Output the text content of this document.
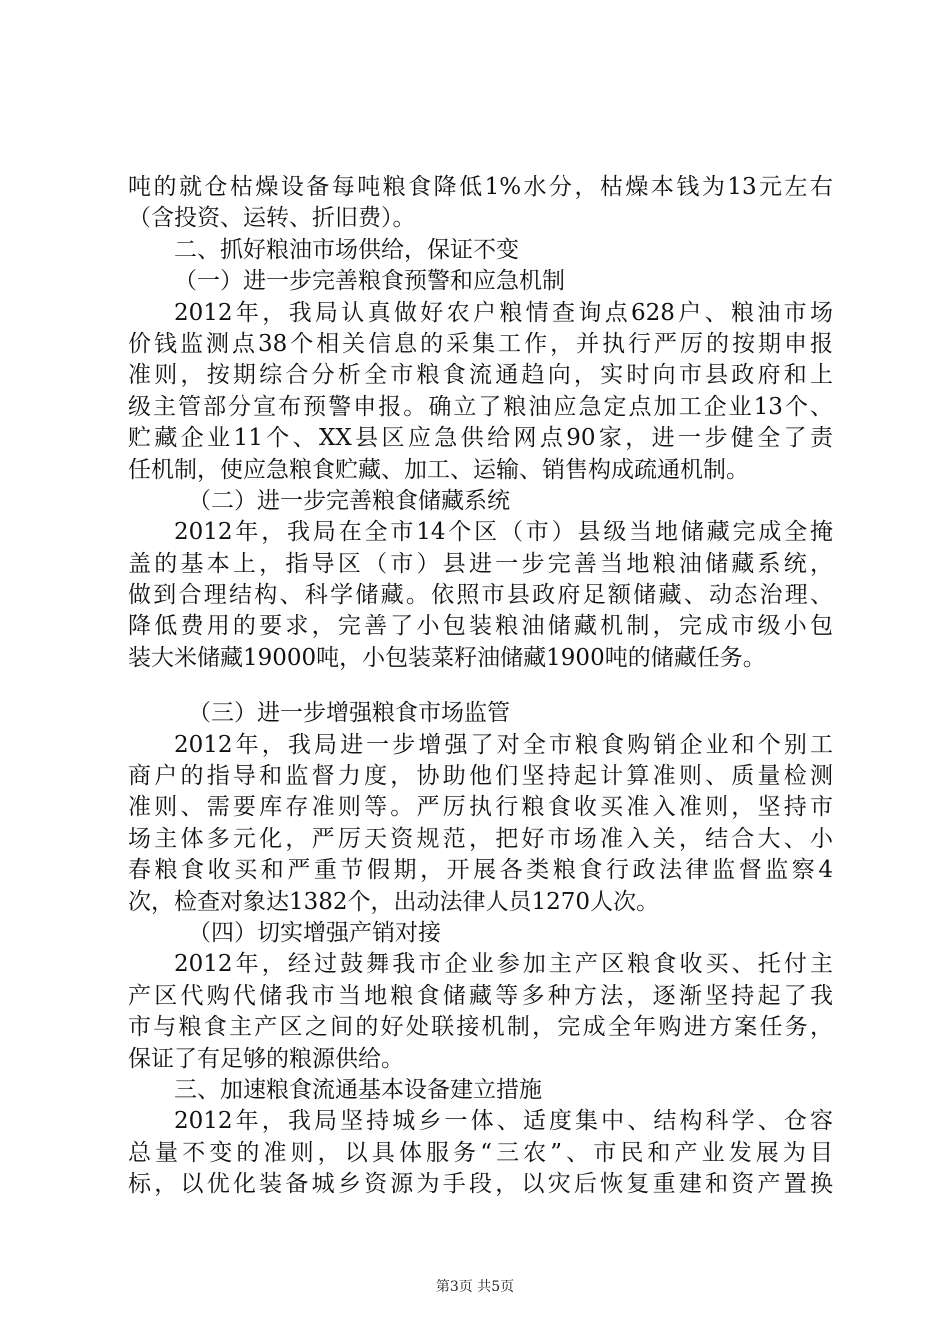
吨的就仓枯燥设备每吨粮食降低1%水分，枯燥本钱为13元左右
（含投资、运转、折旧费）。
二、抓好粮油市场供给，保证不变
（一）进一步完善粮食预警和应急机制
2012年，我局认真做好农户粮情查询点628户、粮油市场
价钱监测点38个相关信息的采集工作，并执行严厉的按期申报
准则，按期综合分析全市粮食流通趋向，实时向市县政府和上
级主管部分宣布预警申报。确立了粮油应急定点加工企业13个、
贮藏企业11个、XX县区应急供给网点90家，进一步健全了责
任机制，使应急粮食贮藏、加工、运输、销售构成疏通机制。
（二）进一步完善粮食储藏系统
2012年，我局在全市14个区（市）县级当地储藏完成全掩
盖的基本上，指导区（市）县进一步完善当地粮油储藏系统，
做到合理结构、科学储藏。依照市县政府足额储藏、动态治理、
降低费用的要求，完善了小包装粮油储藏机制，完成市级小包
装大米储藏19000吨，小包装菜籽油储藏1900吨的储藏任务。
（三）进一步增强粮食市场监管
2012年，我局进一步增强了对全市粮食购销企业和个别工
商户的指导和监督力度，协助他们坚持起计算准则、质量检测
准则、需要库存准则等。严厉执行粮食收买准入准则，坚持市
场主体多元化，严厉天资规范，把好市场准入关，结合大、小
春粮食收买和严重节假期，开展各类粮食行政法律监督监察4
次，检查对象达1382个，出动法律人员1270人次。
（四）切实增强产销对接
2012年，经过鼓舞我市企业参加主产区粮食收买、托付主
产区代购代储我市当地粮食储藏等多种方法，逐渐坚持起了我
市与粮食主产区之间的好处联接机制，完成全年购进方案任务，
保证了有足够的粮源供给。
三、加速粮食流通基本设备建立措施
2012年，我局坚持城乡一体、适度集中、结构科学、仓容
总量不变的准则，以具体服务“三农”、市民和产业发展为目
标，以优化装备城乡资源为手段，以灾后恢复重建和资产置换
第3页 共5页
